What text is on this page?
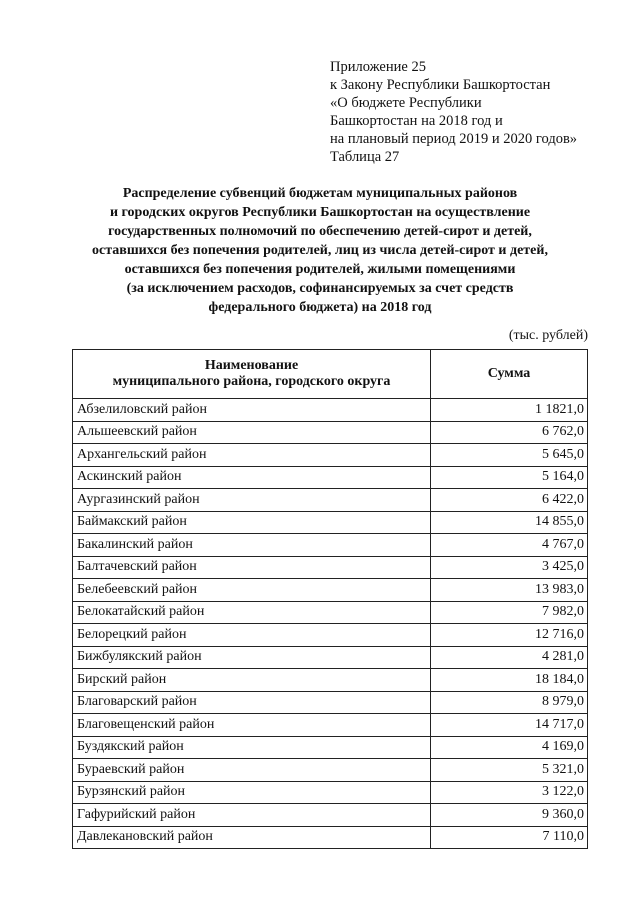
Приложение 25
к Закону Республики Башкортостан
«О бюджете Республики
Башкортостан на 2018 год и
на плановый период 2019 и 2020 годов»
Таблица 27
Распределение субвенций бюджетам муниципальных районов
и городских округов Республики Башкортостан на осуществление
государственных полномочий по обеспечению детей-сирот и детей,
оставшихся без попечения родителей, лиц из числа детей-сирот и детей,
оставшихся без попечения родителей, жилыми помещениями
(за исключением расходов, софинансируемых за счет средств
федерального бюджета) на 2018 год
(тыс. рублей)
Наименование
муниципального района, городского округа	Сумма
Абзелиловский район	1 1821,0
Альшеевский район	6 762,0
Архангельский район	5 645,0
Аскинский район	5 164,0
Аургазинский район	6 422,0
Баймакский район	14 855,0
Бакалинский район	4 767,0
Балтачевский район	3 425,0
Белебеевский район	13 983,0
Белокатайский район	7 982,0
Белорецкий район	12 716,0
Бижбулякский район	4 281,0
Бирский район	18 184,0
Благоварский район	8 979,0
Благовещенский район	14 717,0
Буздякский район	4 169,0
Бураевский район	5 321,0
Бурзянский район	3 122,0
Гафурийский район	9 360,0
Давлекановский район	7 110,0
